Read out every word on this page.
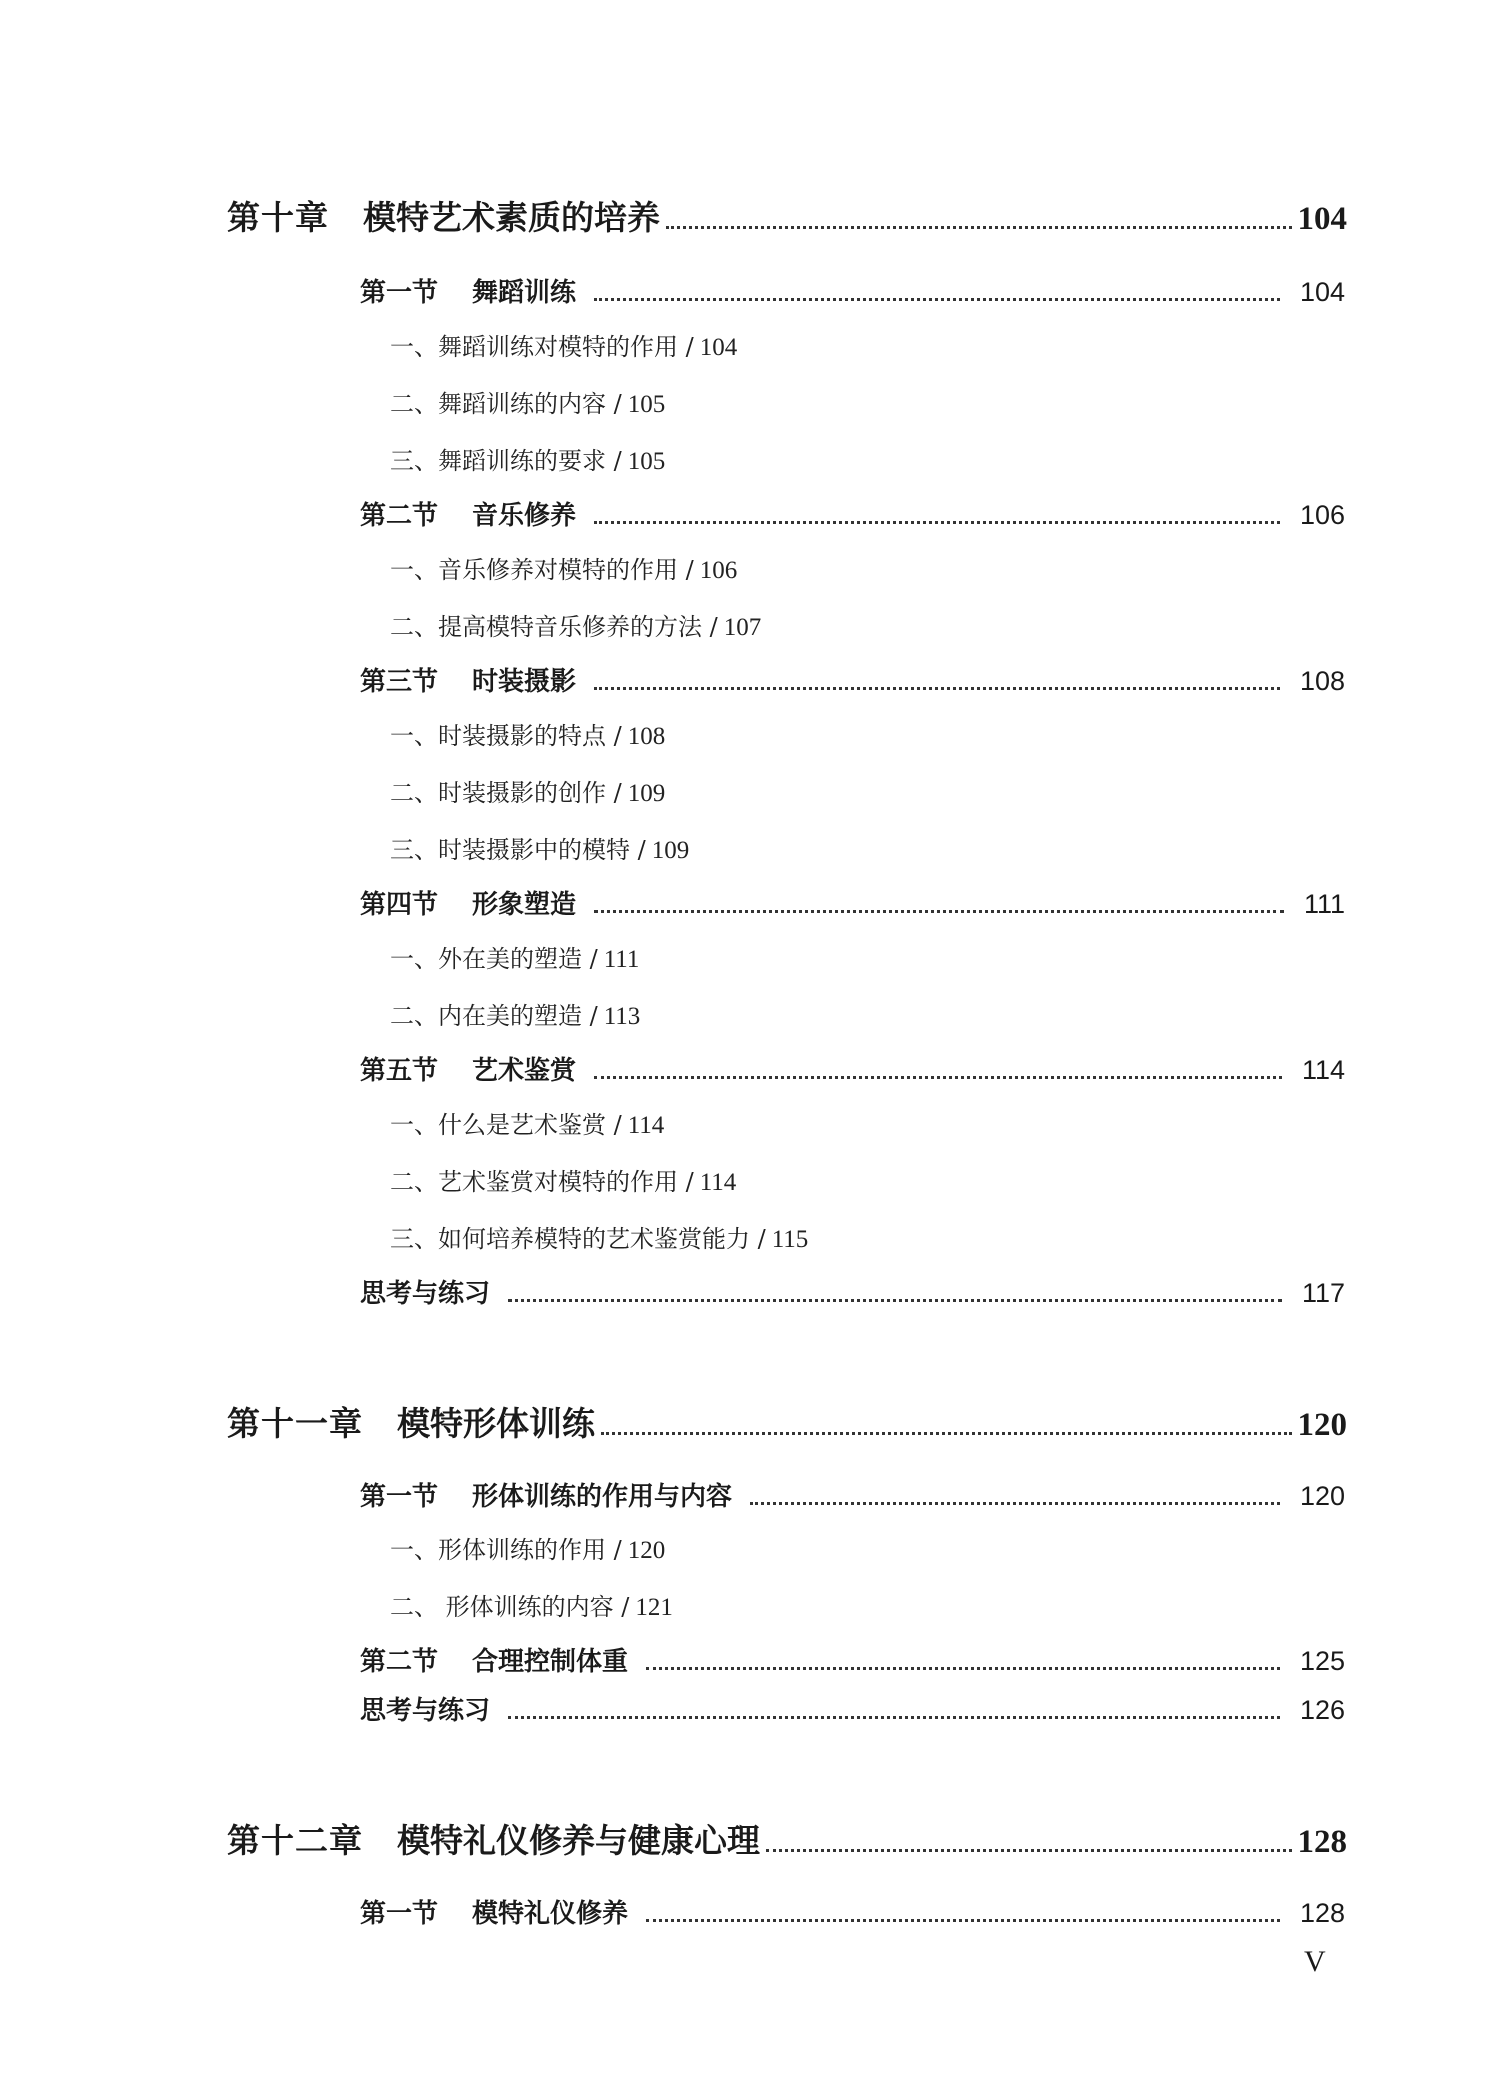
第十章 模特艺术素质的培养	104
第一节 舞蹈训练	104
一、舞蹈训练对模特的作用 / 104
二、舞蹈训练的内容 / 105
三、舞蹈训练的要求 / 105
第二节 音乐修养	106
一、音乐修养对模特的作用 / 106
二、提高模特音乐修养的方法 / 107
第三节 时装摄影	108
一、时装摄影的特点 / 108
二、时装摄影的创作 / 109
三、时装摄影中的模特 / 109
第四节 形象塑造	111
一、外在美的塑造 / 111
二、内在美的塑造 / 113
第五节 艺术鉴赏	114
一、什么是艺术鉴赏 / 114
二、艺术鉴赏对模特的作用 / 114
三、如何培养模特的艺术鉴赏能力 / 115
思考与练习	117
第十一章 模特形体训练	120
第一节 形体训练的作用与内容	120
一、形体训练的作用 / 120
二、 形体训练的内容 / 121
第二节 合理控制体重	125
思考与练习	126
第十二章 模特礼仪修养与健康心理	128
第一节 模特礼仪修养	128
V
